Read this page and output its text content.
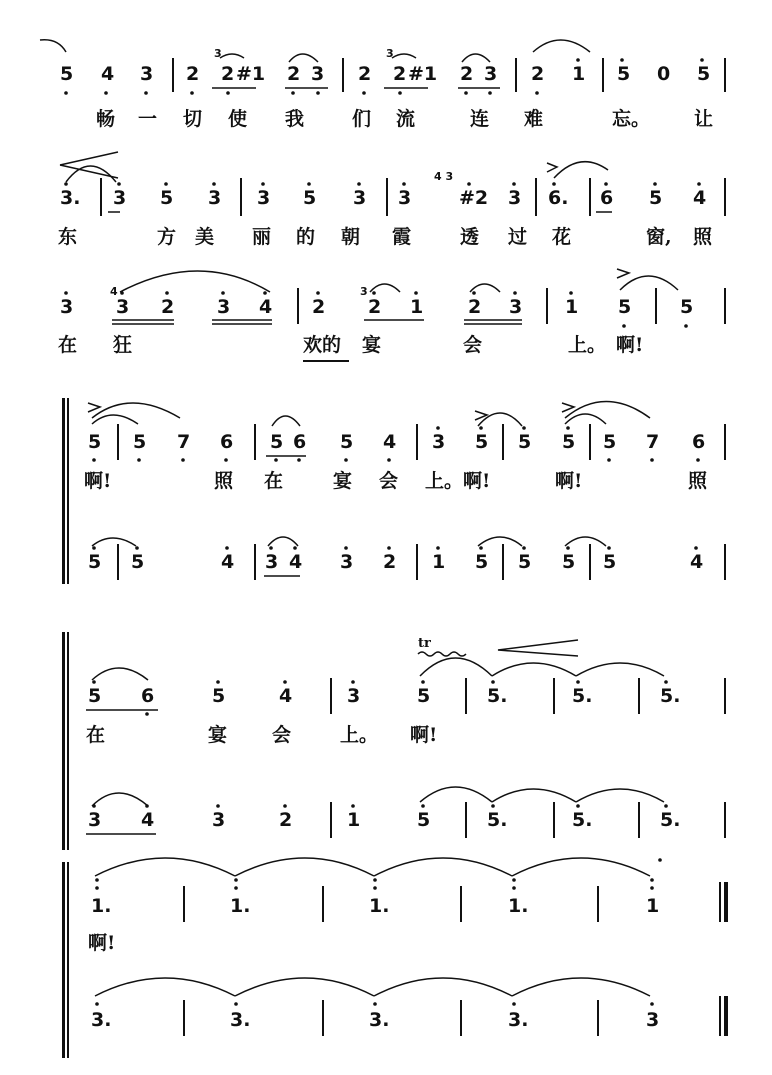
5 4 3 2 2 #1 2 3 2 2 #1 2 3 2 1 5 0 5
3	3
畅 一 切 使 我	们 流	连 难	忘。 让
3. 3 5 3 3 5 3 3	#2 3 6. 6 5 4
4 3
东	方 美 丽 的 朝 霞	透 过 花	窗, 照
3 3 2 3 4 2 2 1 2 3 1 5	5
4	3
在 狂	欢的 宴	会	上。 啊!
5 5 7 6 5 6 5 4 3 5 5 5 5 7 6
啊!	照 在	宴 会 上。啊!	啊!	照
5 5	4 3 4 3 2 1 5 5 5 5	4
tr
5 6	5	4	3	5	5.	5.	5.
在	宴 会	上。 啊!
3 4	3	2	1	5	5.	5.	5.
1.	1.	1.	1.	1
啊!
3.	3.	3.	3.	3
